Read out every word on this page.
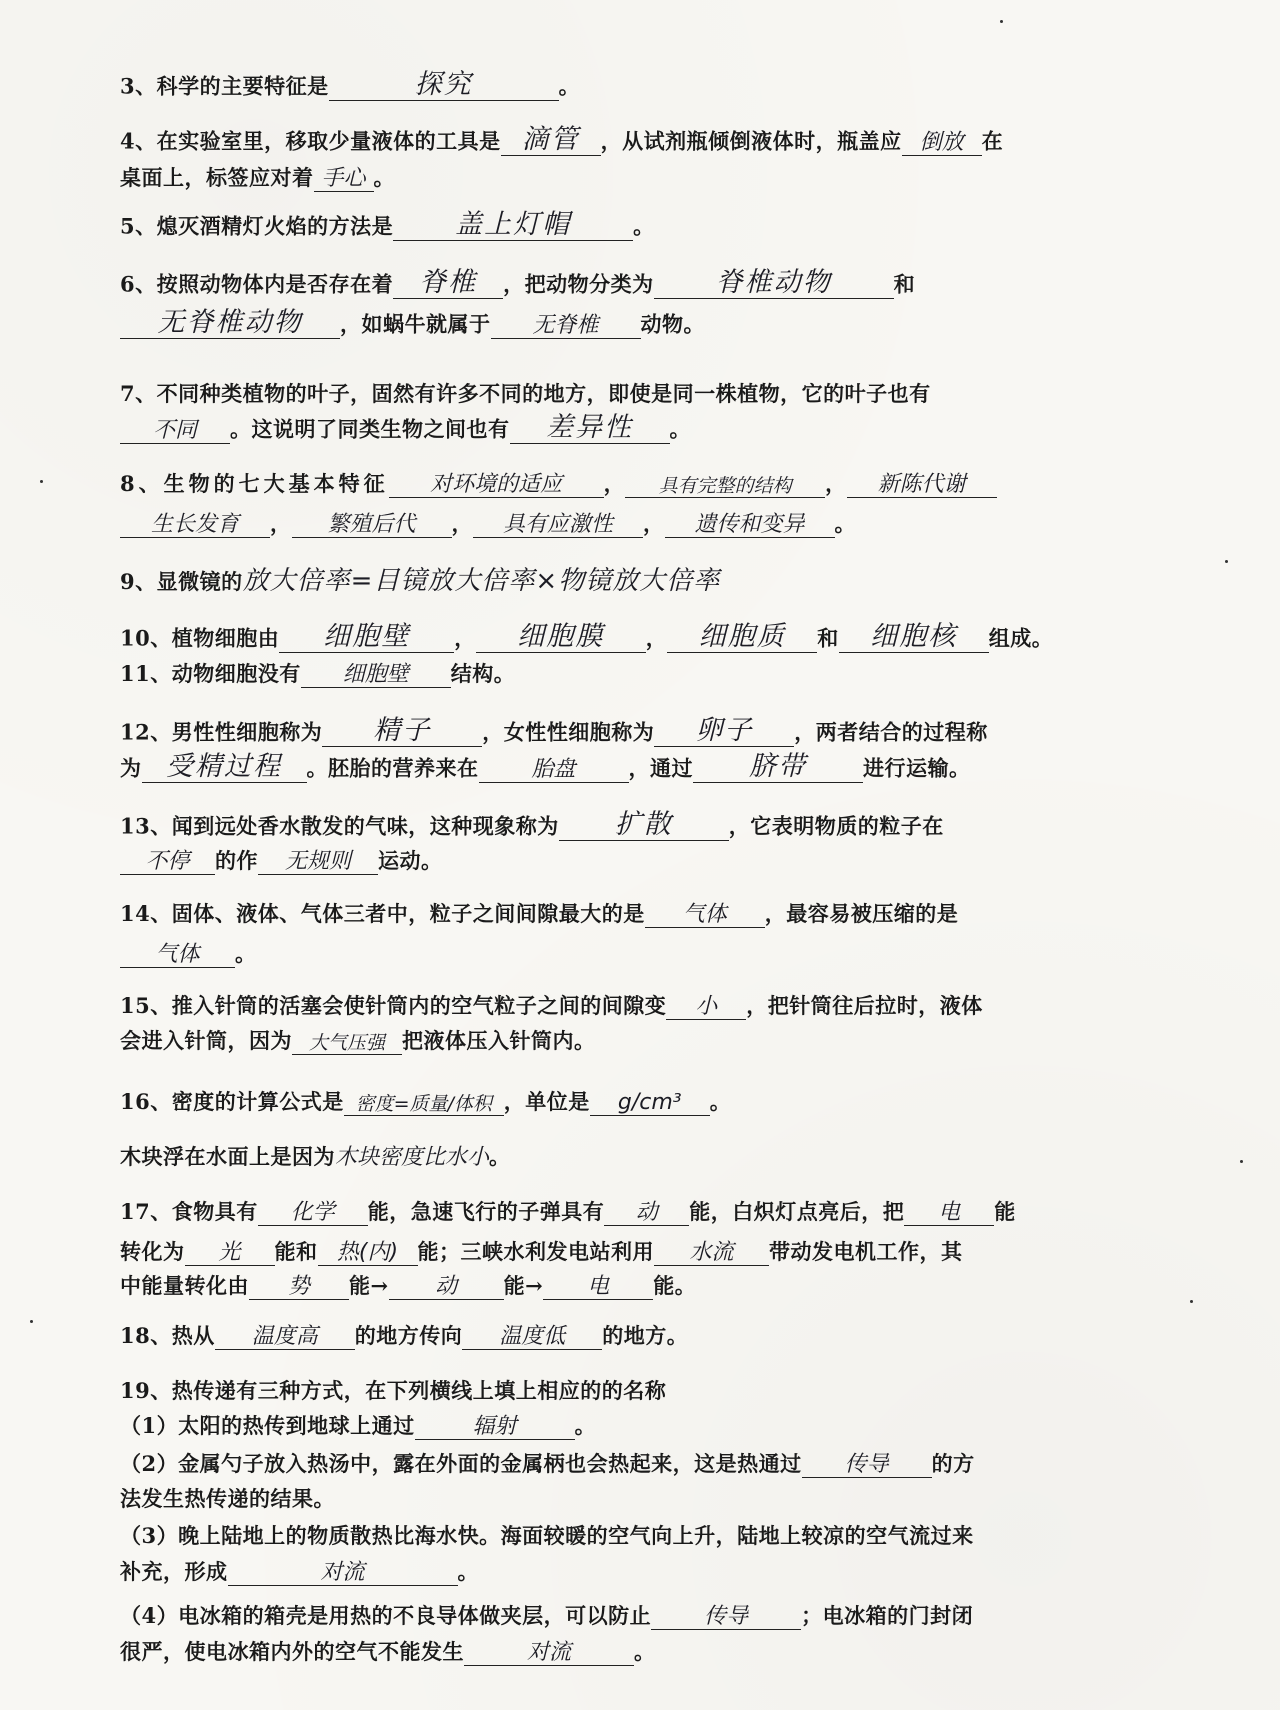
3、科学的主要特征是	探究	。
4、在实验室里，移取少量液体的工具是 滴管 ，从试剂瓶倾倒液体时，瓶盖应 倒放 在
桌面上，标签应对着 手心 。
5、熄灭酒精灯火焰的方法是 盖上灯帽	。
6、按照动物体内是否存在着 脊椎 ，把动物分类为 脊椎动物	和
无脊椎动物 ，如蜗牛就属于 无脊椎 动物。
7、不同种类植物的叶子，固然有许多不同的地方，即使是同一株植物，它的叶子也有
不同 。这说明了同类生物之间也有 差异性 。
8、生物的七大基本特征 对环境的适应 ， 具有完整的结构 ， 新陈代谢
生长发育 ， 繁殖后代 ， 具有应激性 ， 遗传和变异 。
9、显微镜的放大倍率=目镜放大倍率×物镜放大倍率
10、植物细胞由 细胞壁 ， 细胞膜 ， 细胞质 和 细胞核 组成。
11、动物细胞没有 细胞壁 结构。
12、男性性细胞称为 精子 ，女性性细胞称为 卵子 ，两者结合的过程称
为 受精过程 。胚胎的营养来在 胎盘	，通过 脐带	进行运输。
13、闻到远处香水散发的气味，这种现象称为 扩散	，它表明物质的粒子在
不停 的作 无规则 运动。
14、固体、液体、气体三者中，粒子之间间隙最大的是 气体 ，最容易被压缩的是
气体 。
15、推入针筒的活塞会使针筒内的空气粒子之间的间隙变 小 ，把针筒往后拉时，液体
会进入针筒，因为 大气压强 把液体压入针筒内。
16、密度的计算公式是 密度=质量/体积 ，单位是 g/cm³ 。
木块浮在水面上是因为木块密度比水小。
17、食物具有 化学 能，急速飞行的子弹具有 动 能，白炽灯点亮后，把 电 能
转化为 光 能和 热(内) 能；三峡水利发电站利用 水流 带动发电机工作，其
中能量转化由 势 能→ 动 能→ 电 能。
18、热从 温度高 的地方传向 温度低 的地方。
19、热传递有三种方式，在下列横线上填上相应的的名称
（1）太阳的热传到地球上通过	辐射	。
（2）金属勺子放入热汤中，露在外面的金属柄也会热起来，这是热通过 传导 的方
法发生热传递的结果。
（3）晚上陆地上的物质散热比海水快。海面较暖的空气向上升，陆地上较凉的空气流过来
补充，形成	对流	。
（4）电冰箱的箱壳是用热的不良导体做夹层，可以防止 传导	；电冰箱的门封闭
很严，使电冰箱内外的空气不能发生	对流	。
